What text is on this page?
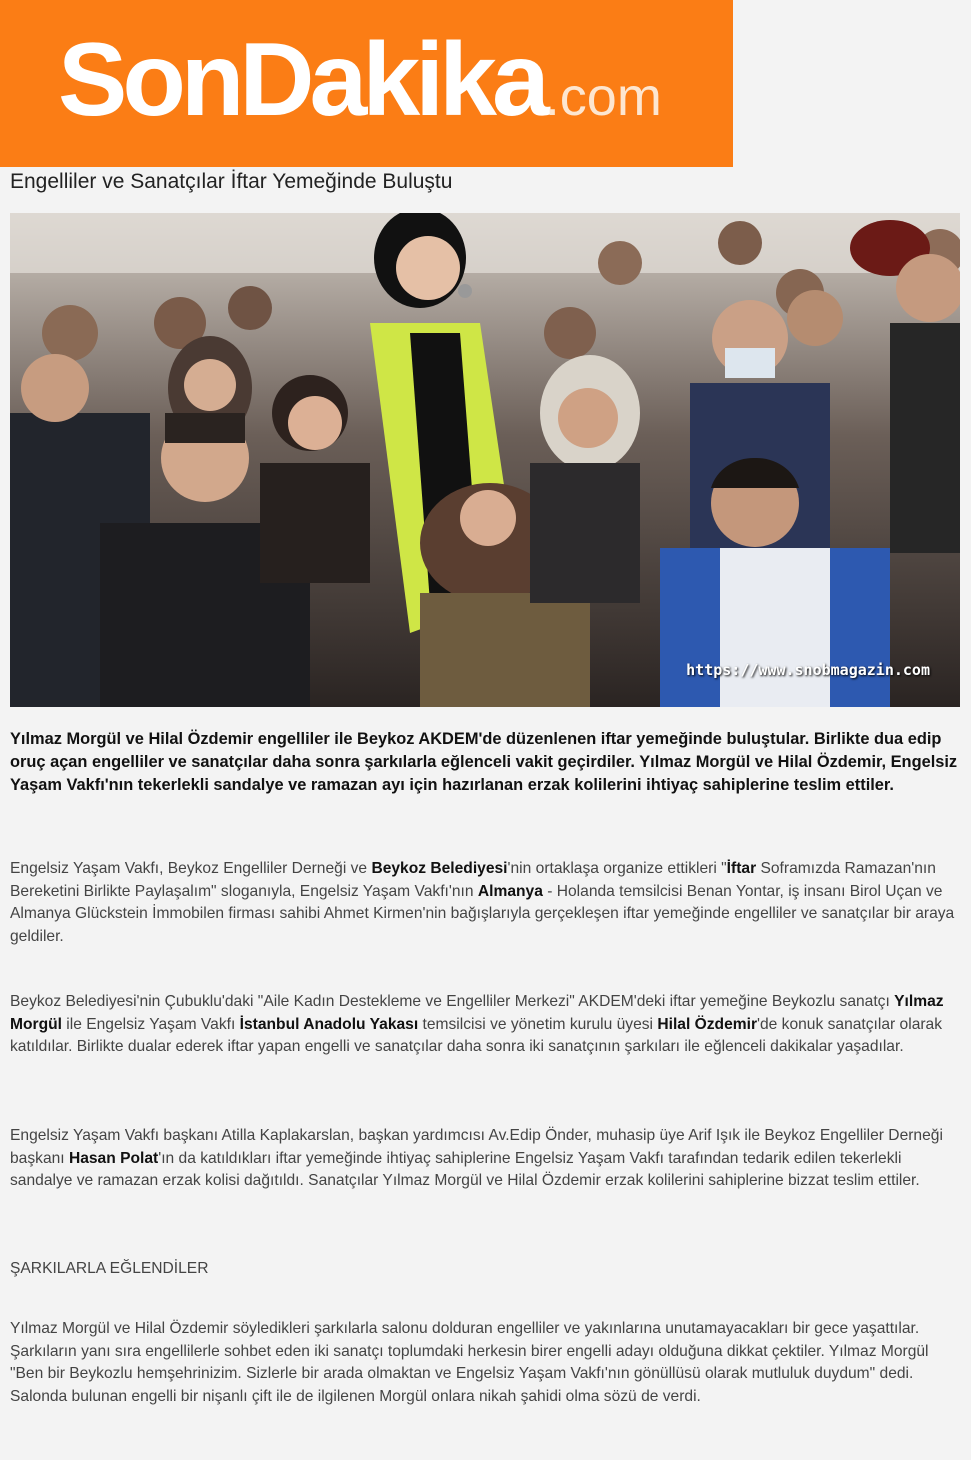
SonDakika.com
Engelliler ve Sanatçılar İftar Yemeğinde Buluştu
https://www.snobmagazin.com

Yılmaz Morgül ve Hilal Özdemir engelliler ile Beykoz AKDEM'de düzenlenen iftar yemeğinde buluştular. Birlikte dua edip oruç açan engelliler ve sanatçılar daha sonra şarkılarla eğlenceli vakit geçirdiler. Yılmaz Morgül ve Hilal Özdemir, Engelsiz Yaşam Vakfı'nın tekerlekli sandalye ve ramazan ayı için hazırlanan erzak kolilerini ihtiyaç sahiplerine teslim ettiler.

Engelsiz Yaşam Vakfı, Beykoz Engelliler Derneği ve Beykoz Belediyesi'nin ortaklaşa organize ettikleri "İftar Soframızda Ramazan'nın Bereketini Birlikte Paylaşalım" sloganıyla, Engelsiz Yaşam Vakfı'nın Almanya - Holanda temsilcisi Benan Yontar, iş insanı Birol Uçan ve Almanya Glückstein İmmobilen firması sahibi Ahmet Kirmen'nin bağışlarıyla gerçekleşen iftar yemeğinde engelliler ve sanatçılar bir araya geldiler.

Beykoz Belediyesi'nin Çubuklu'daki "Aile Kadın Destekleme ve Engelliler Merkezi" AKDEM'deki iftar yemeğine Beykozlu sanatçı Yılmaz Morgül ile Engelsiz Yaşam Vakfı İstanbul Anadolu Yakası temsilcisi ve yönetim kurulu üyesi Hilal Özdemir'de konuk sanatçılar olarak katıldılar. Birlikte dualar ederek iftar yapan engelli ve sanatçılar daha sonra iki sanatçının şarkıları ile eğlenceli dakikalar yaşadılar.

Engelsiz Yaşam Vakfı başkanı Atilla Kaplakarslan, başkan yardımcısı Av.Edip Önder, muhasip üye Arif Işık ile Beykoz Engelliler Derneği başkanı Hasan Polat'ın da katıldıkları iftar yemeğinde ihtiyaç sahiplerine Engelsiz Yaşam Vakfı tarafından tedarik edilen tekerlekli sandalye ve ramazan erzak kolisi dağıtıldı. Sanatçılar Yılmaz Morgül ve Hilal Özdemir erzak kolilerini sahiplerine bizzat teslim ettiler.

ŞARKILARLA EĞLENDİLER

Yılmaz Morgül ve Hilal Özdemir söyledikleri şarkılarla salonu dolduran engelliler ve yakınlarına unutamayacakları bir gece yaşattılar. Şarkıların yanı sıra engellilerle sohbet eden iki sanatçı toplumdaki herkesin birer engelli adayı olduğuna dikkat çektiler. Yılmaz Morgül "Ben bir Beykozlu hemşehrinizim. Sizlerle bir arada olmaktan ve Engelsiz Yaşam Vakfı'nın gönüllüsü olarak mutluluk duydum" dedi. Salonda bulunan engelli bir nişanlı çift ile de ilgilenen Morgül onlara nikah şahidi olma sözü de verdi.
